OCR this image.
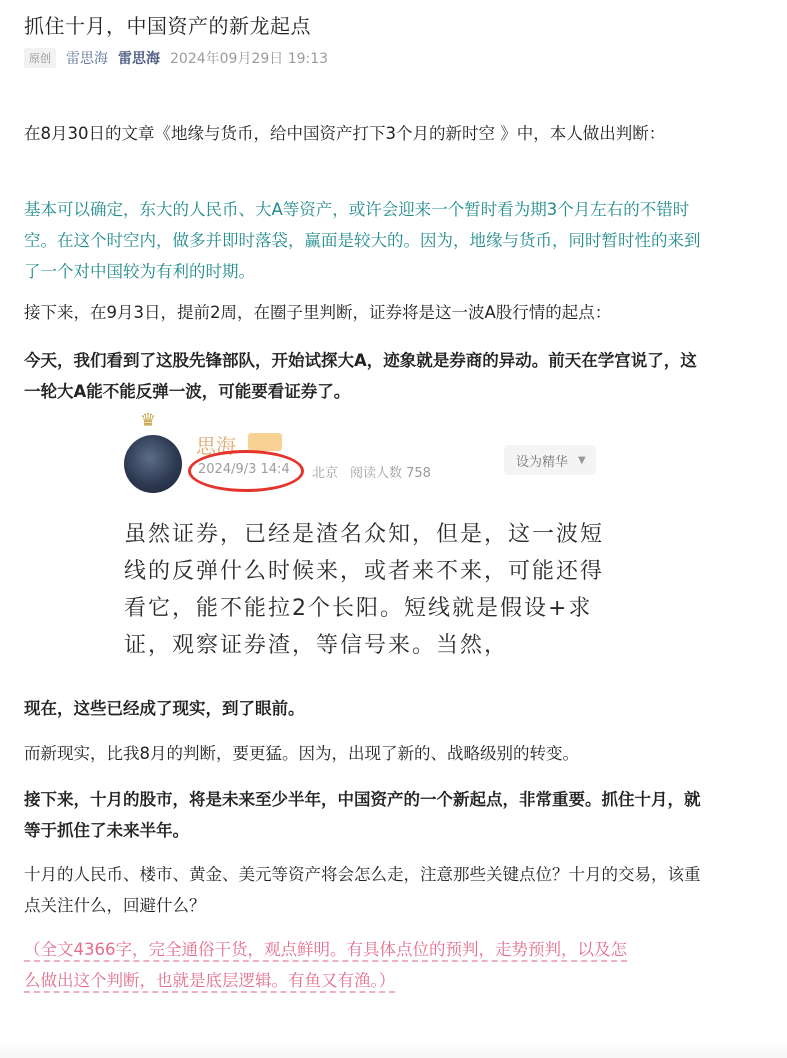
抓住十月，中国资产的新龙起点
原创	雷思海 雷思海 2024年09月29日 19:13

在8月30日的文章《地缘与货币，给中国资产打下3个月的新时空 》中，本人做出判断：

基本可以确定，东大的人民币、大A等资产，或许会迎来一个暂时看为期3个月左右的不错时空。在这个时空内，做多并即时落袋，赢面是较大的。因为，地缘与货币，同时暂时性的来到了一个对中国较为有利的时期。

接下来，在9月3日，提前2周，在圈子里判断，证券将是这一波A股行情的起点：

今天，我们看到了这股先锋部队，开始试探大A，迹象就是券商的异动。前天在学宫说了，这一轮大A能不能反弹一波，可能要看证券了。

♛
思海
2024/9/3 14:4 北京 阅读人数 758
设为精华 ▼

虽然证券，已经是渣名众知，但是，这一波短线的反弹什么时候来，或者来不来，可能还得看它，能不能拉2个长阳。短线就是假设+求证，观察证券渣，等信号来。当然，

现在，这些已经成了现实，到了眼前。

而新现实，比我8月的判断，要更猛。因为，出现了新的、战略级别的转变。

接下来，十月的股市，将是未来至少半年，中国资产的一个新起点，非常重要。抓住十月，就等于抓住了未来半年。

十月的人民币、楼市、黄金、美元等资产将会怎么走，注意那些关键点位？十月的交易，该重点关注什么，回避什么？

（全文4366字，完全通俗干货，观点鲜明。有具体点位的预判，走势预判，以及怎
么做出这个判断，也就是底层逻辑。有鱼又有渔。）
